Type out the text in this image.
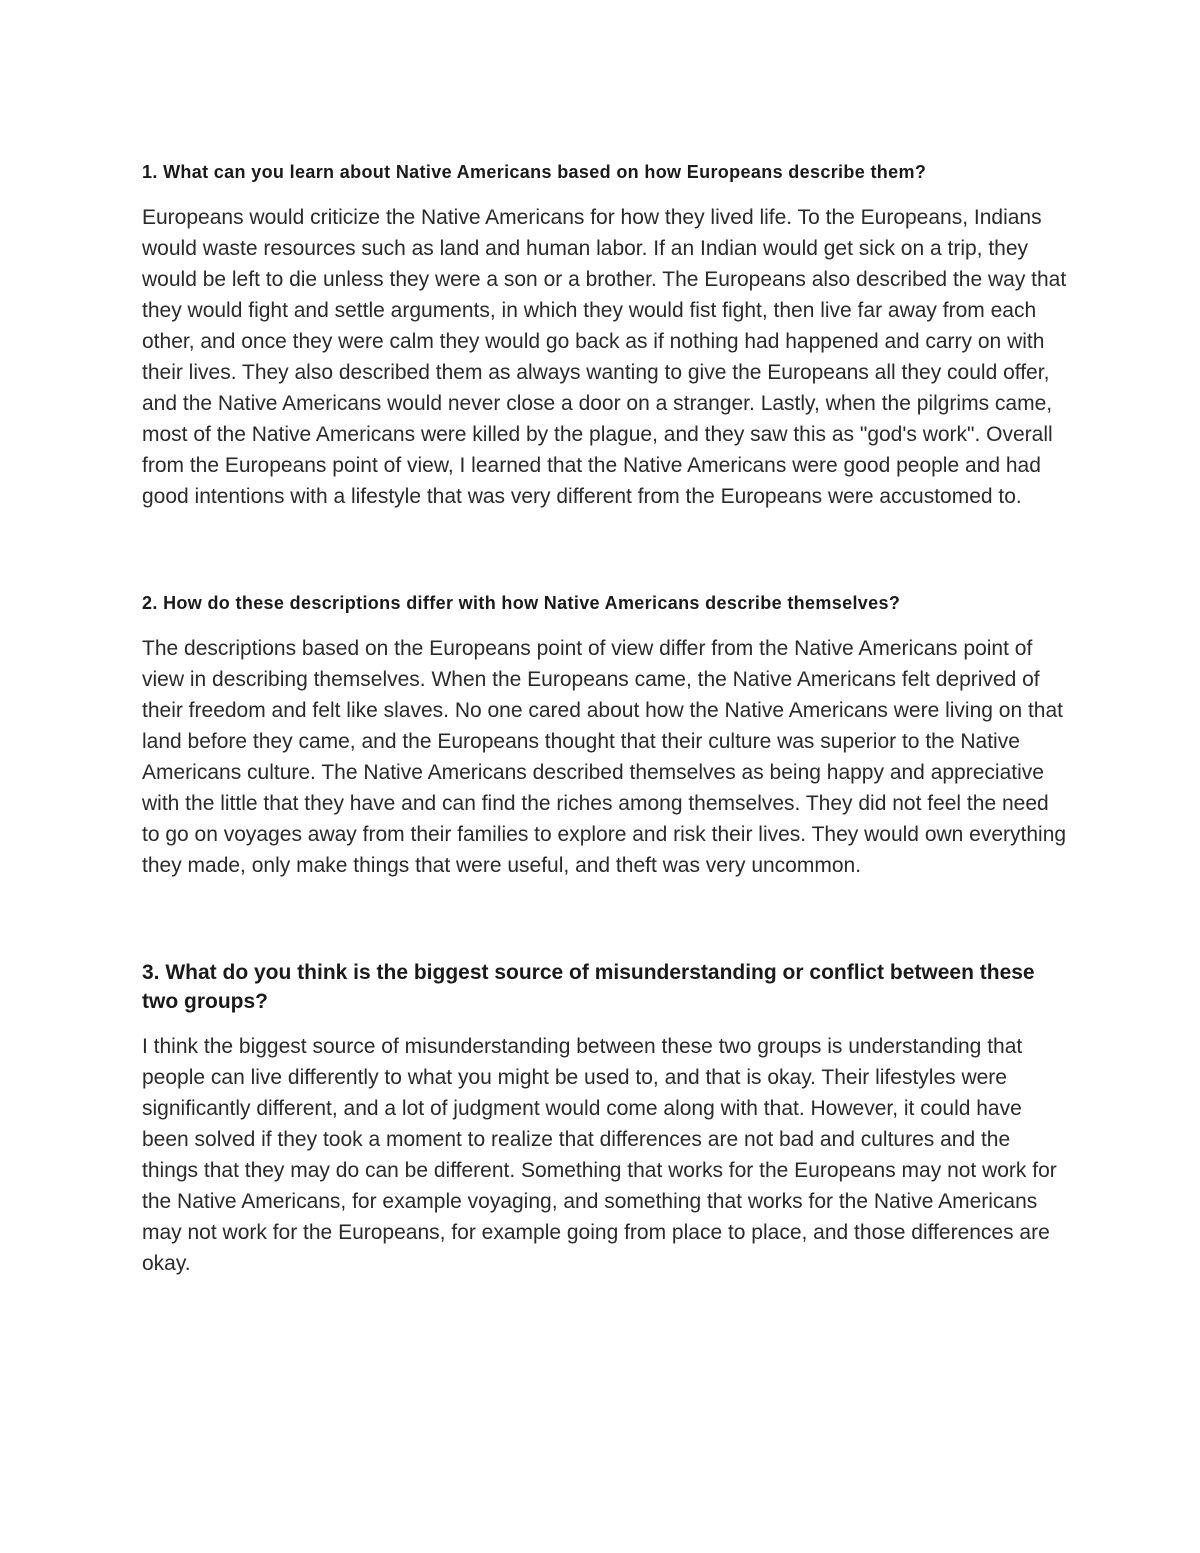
1. What can you learn about Native Americans based on how Europeans describe them?

Europeans would criticize the Native Americans for how they lived life. To the Europeans, Indians would waste resources such as land and human labor. If an Indian would get sick on a trip, they would be left to die unless they were a son or a brother. The Europeans also described the way that they would fight and settle arguments, in which they would fist fight, then live far away from each other, and once they were calm they would go back as if nothing had happened and carry on with their lives. They also described them as always wanting to give the Europeans all they could offer, and the Native Americans would never close a door on a stranger. Lastly, when the pilgrims came, most of the Native Americans were killed by the plague, and they saw this as "god's work". Overall from the Europeans point of view, I learned that the Native Americans were good people and had good intentions with a lifestyle that was very different from the Europeans were accustomed to.

2. How do these descriptions differ with how Native Americans describe themselves?

The descriptions based on the Europeans point of view differ from the Native Americans point of view in describing themselves. When the Europeans came, the Native Americans felt deprived of their freedom and felt like slaves. No one cared about how the Native Americans were living on that land before they came, and the Europeans thought that their culture was superior to the Native Americans culture. The Native Americans described themselves as being happy and appreciative with the little that they have and can find the riches among themselves. They did not feel the need to go on voyages away from their families to explore and risk their lives. They would own everything they made, only make things that were useful, and theft was very uncommon.

3. What do you think is the biggest source of misunderstanding or conflict between these two groups?

I think the biggest source of misunderstanding between these two groups is understanding that people can live differently to what you might be used to, and that is okay. Their lifestyles were significantly different, and a lot of judgment would come along with that. However, it could have been solved if they took a moment to realize that differences are not bad and cultures and the things that they may do can be different. Something that works for the Europeans may not work for the Native Americans, for example voyaging, and something that works for the Native Americans may not work for the Europeans, for example going from place to place, and those differences are okay.
